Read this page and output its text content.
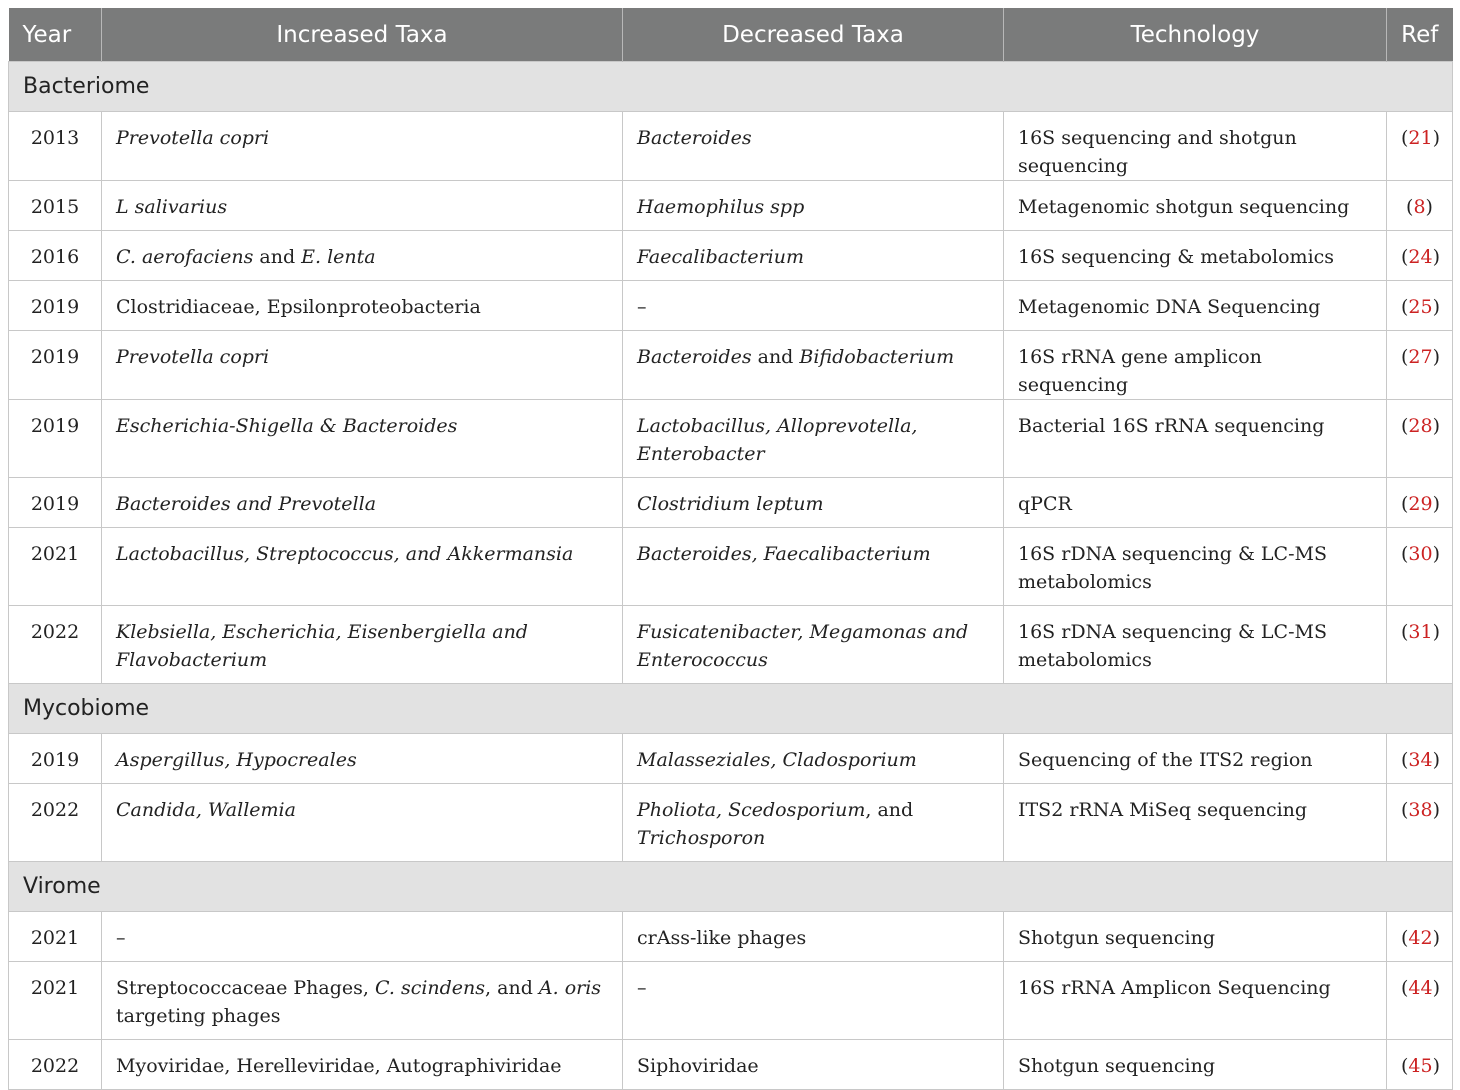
Year	Increased Taxa	Decreased Taxa	Technology	Ref
Bacteriome				
2013	Prevotella copri	Bacteroides	16S sequencing and shotgun sequencing	(21)
2015	L salivarius	Haemophilus spp	Metagenomic shotgun sequencing	(8)
2016	C. aerofaciens and E. lenta	Faecalibacterium	16S sequencing & metabolomics	(24)
2019	Clostridiaceae, Epsilonproteobacteria	–	Metagenomic DNA Sequencing	(25)
2019	Prevotella copri	Bacteroides and Bifidobacterium	16S rRNA gene amplicon sequencing	(27)
2019	Escherichia-Shigella & Bacteroides	Lactobacillus, Alloprevotella, Enterobacter	Bacterial 16S rRNA sequencing	(28)
2019	Bacteroides and Prevotella	Clostridium leptum	qPCR	(29)
2021	Lactobacillus, Streptococcus, and Akkermansia	Bacteroides, Faecalibacterium	16S rDNA sequencing & LC-MS metabolomics	(30)
2022	Klebsiella, Escherichia, Eisenbergiella and Flavobacterium	Fusicatenibacter, Megamonas and Enterococcus	16S rDNA sequencing & LC-MS metabolomics	(31)
Mycobiome				
2019	Aspergillus, Hypocreales	Malasseziales, Cladosporium	Sequencing of the ITS2 region	(34)
2022	Candida, Wallemia	Pholiota, Scedosporium, and Trichosporon	ITS2 rRNA MiSeq sequencing	(38)
Virome				
2021	–	crAss-like phages	Shotgun sequencing	(42)
2021	Streptococcaceae Phages, C. scindens, and A. oris targeting phages	–	16S rRNA Amplicon Sequencing	(44)
2022	Myoviridae, Herelleviridae, Autographiviridae	Siphoviridae	Shotgun sequencing	(45)
